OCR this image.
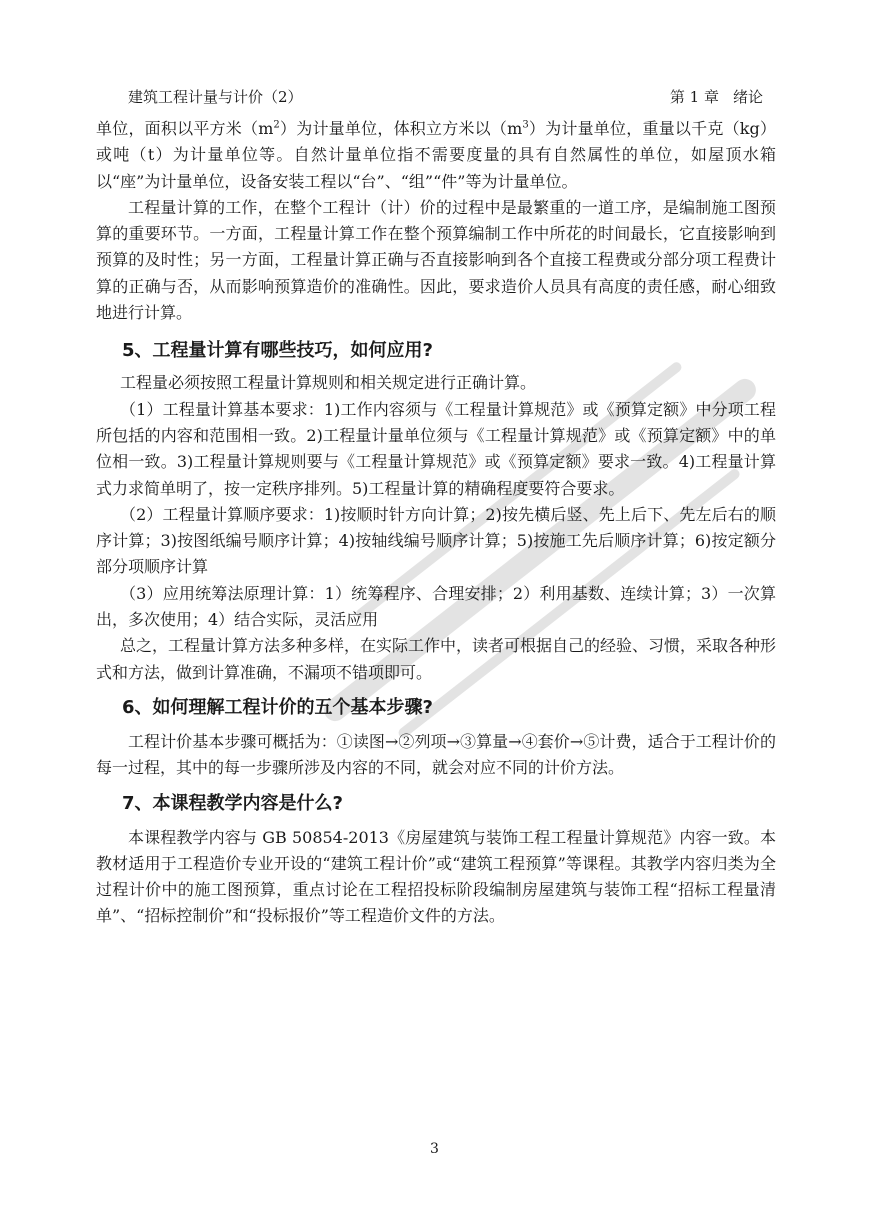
建筑工程计量与计价（2）	第 1 章 绪论

单位，面积以平方米$(m^2)$为计量单位，体积立方米以$(m^3)$为计量单位，重量以千克（kg）或吨（t）为计量单位等。自然计量单位指不需要度量的具有自然属性的单位，如屋顶水箱以“座”为计量单位，设备安装工程以“台”、“组”“件”等为计量单位。

工程量计算的工作，在整个工程计（计）价的过程中是最繁重的一道工序，是编制施工图预算的重要环节。一方面，工程量计算工作在整个预算编制工作中所花的时间最长，它直接影响到预算的及时性；另一方面，工程量计算正确与否直接影响到各个直接工程费或分部分项工程费计算的正确与否，从而影响预算造价的准确性。因此，要求造价人员具有高度的责任感，耐心细致地进行计算。

5、工程量计算有哪些技巧，如何应用?

工程量必须按照工程量计算规则和相关规定进行正确计算。

（1）工程量计算基本要求：1)工作内容须与《工程量计算规范》或《预算定额》中分项工程所包括的内容和范围相一致。2)工程量计量单位须与《工程量计算规范》或《预算定额》中的单位相一致。3)工程量计算规则要与《工程量计算规范》或《预算定额》要求一致。4)工程量计算式力求简单明了，按一定秩序排列。5)工程量计算的精确程度要符合要求。

（2）工程量计算顺序要求：1)按顺时针方向计算；2)按先横后竖、先上后下、先左后右的顺序计算；3)按图纸编号顺序计算；4)按轴线编号顺序计算；5)按施工先后顺序计算；6)按定额分部分项顺序计算

（3）应用统筹法原理计算：1）统筹程序、合理安排；2）利用基数、连续计算；3）一次算出，多次使用；4）结合实际，灵活应用

总之，工程量计算方法多种多样，在实际工作中，读者可根据自己的经验、习惯，采取各种形式和方法，做到计算准确，不漏项不错项即可。

6、如何理解工程计价的五个基本步骤?

工程计价基本步骤可概括为：①读图→②列项→③算量→④套价→⑤计费，适合于工程计价的每一过程，其中的每一步骤所涉及内容的不同，就会对应不同的计价方法。

7、本课程教学内容是什么?

本课程教学内容与 GB 50854-2013《房屋建筑与装饰工程工程量计算规范》内容一致。本教材适用于工程造价专业开设的“建筑工程计价”或“建筑工程预算”等课程。其教学内容归类为全过程计价中的施工图预算，重点讨论在工程招投标阶段编制房屋建筑与装饰工程“招标工程量清单”、“招标控制价”和“投标报价”等工程造价文件的方法。

3
